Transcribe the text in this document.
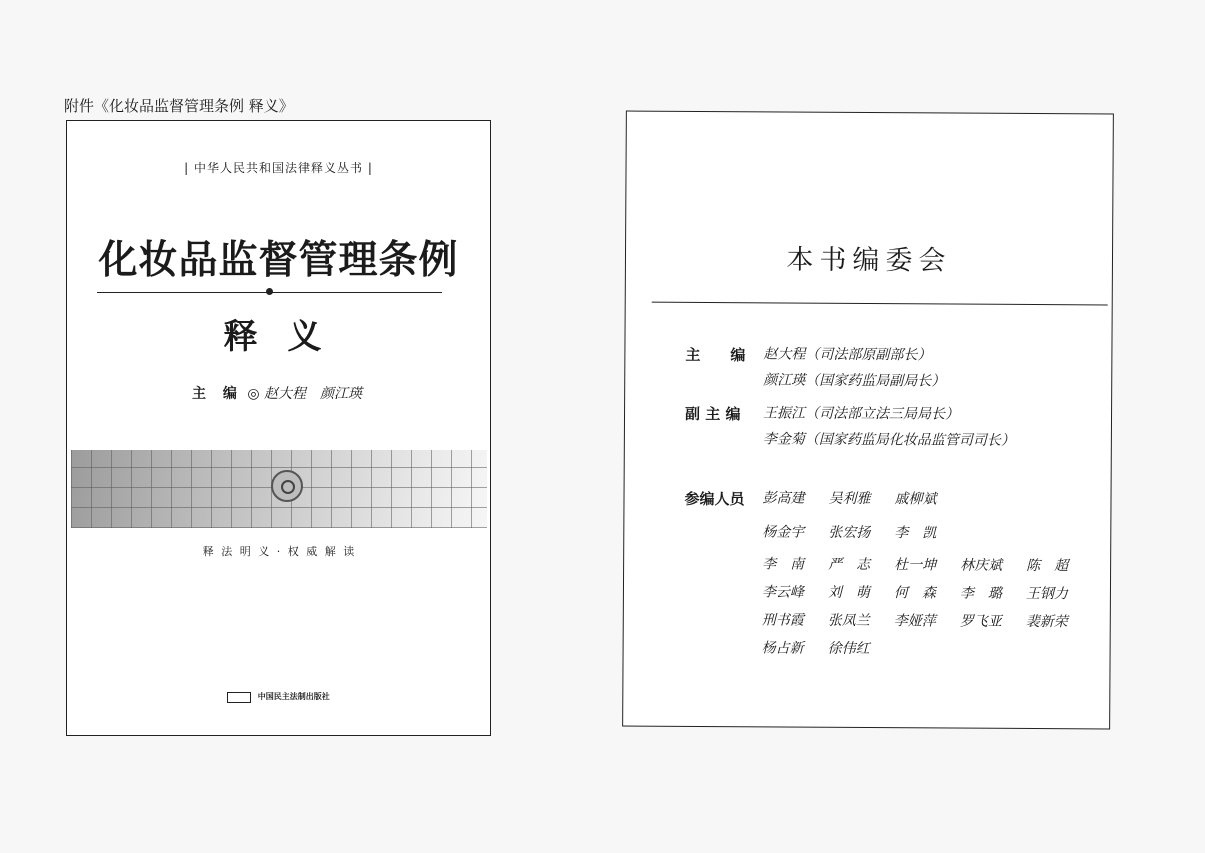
附件《化妆品监督管理条例 释义》
| 中华人民共和国法律释义丛书 |
化妆品监督管理条例
释义
主 编 ◎ 赵大程　颜江瑛
释 法 明 义 · 权 威 解 读
中国民主法制出版社
本书编委会
主　　编 赵大程（司法部原副部长）
颜江瑛（国家药监局副局长）
副 主 编 王振江（司法部立法三局局长）
李金菊（国家药监局化妆品监管司司长）
参编人员 彭高建	吴利雅	戚柳斌
杨金宇	张宏扬	李　凯
李　南	严　志	杜一坤	林庆斌	陈　超
李云峰	刘　萌	何　森	李　璐	王钢力
刑书霞	张凤兰	李娅萍	罗飞亚	裴新荣
杨占新	徐伟红
